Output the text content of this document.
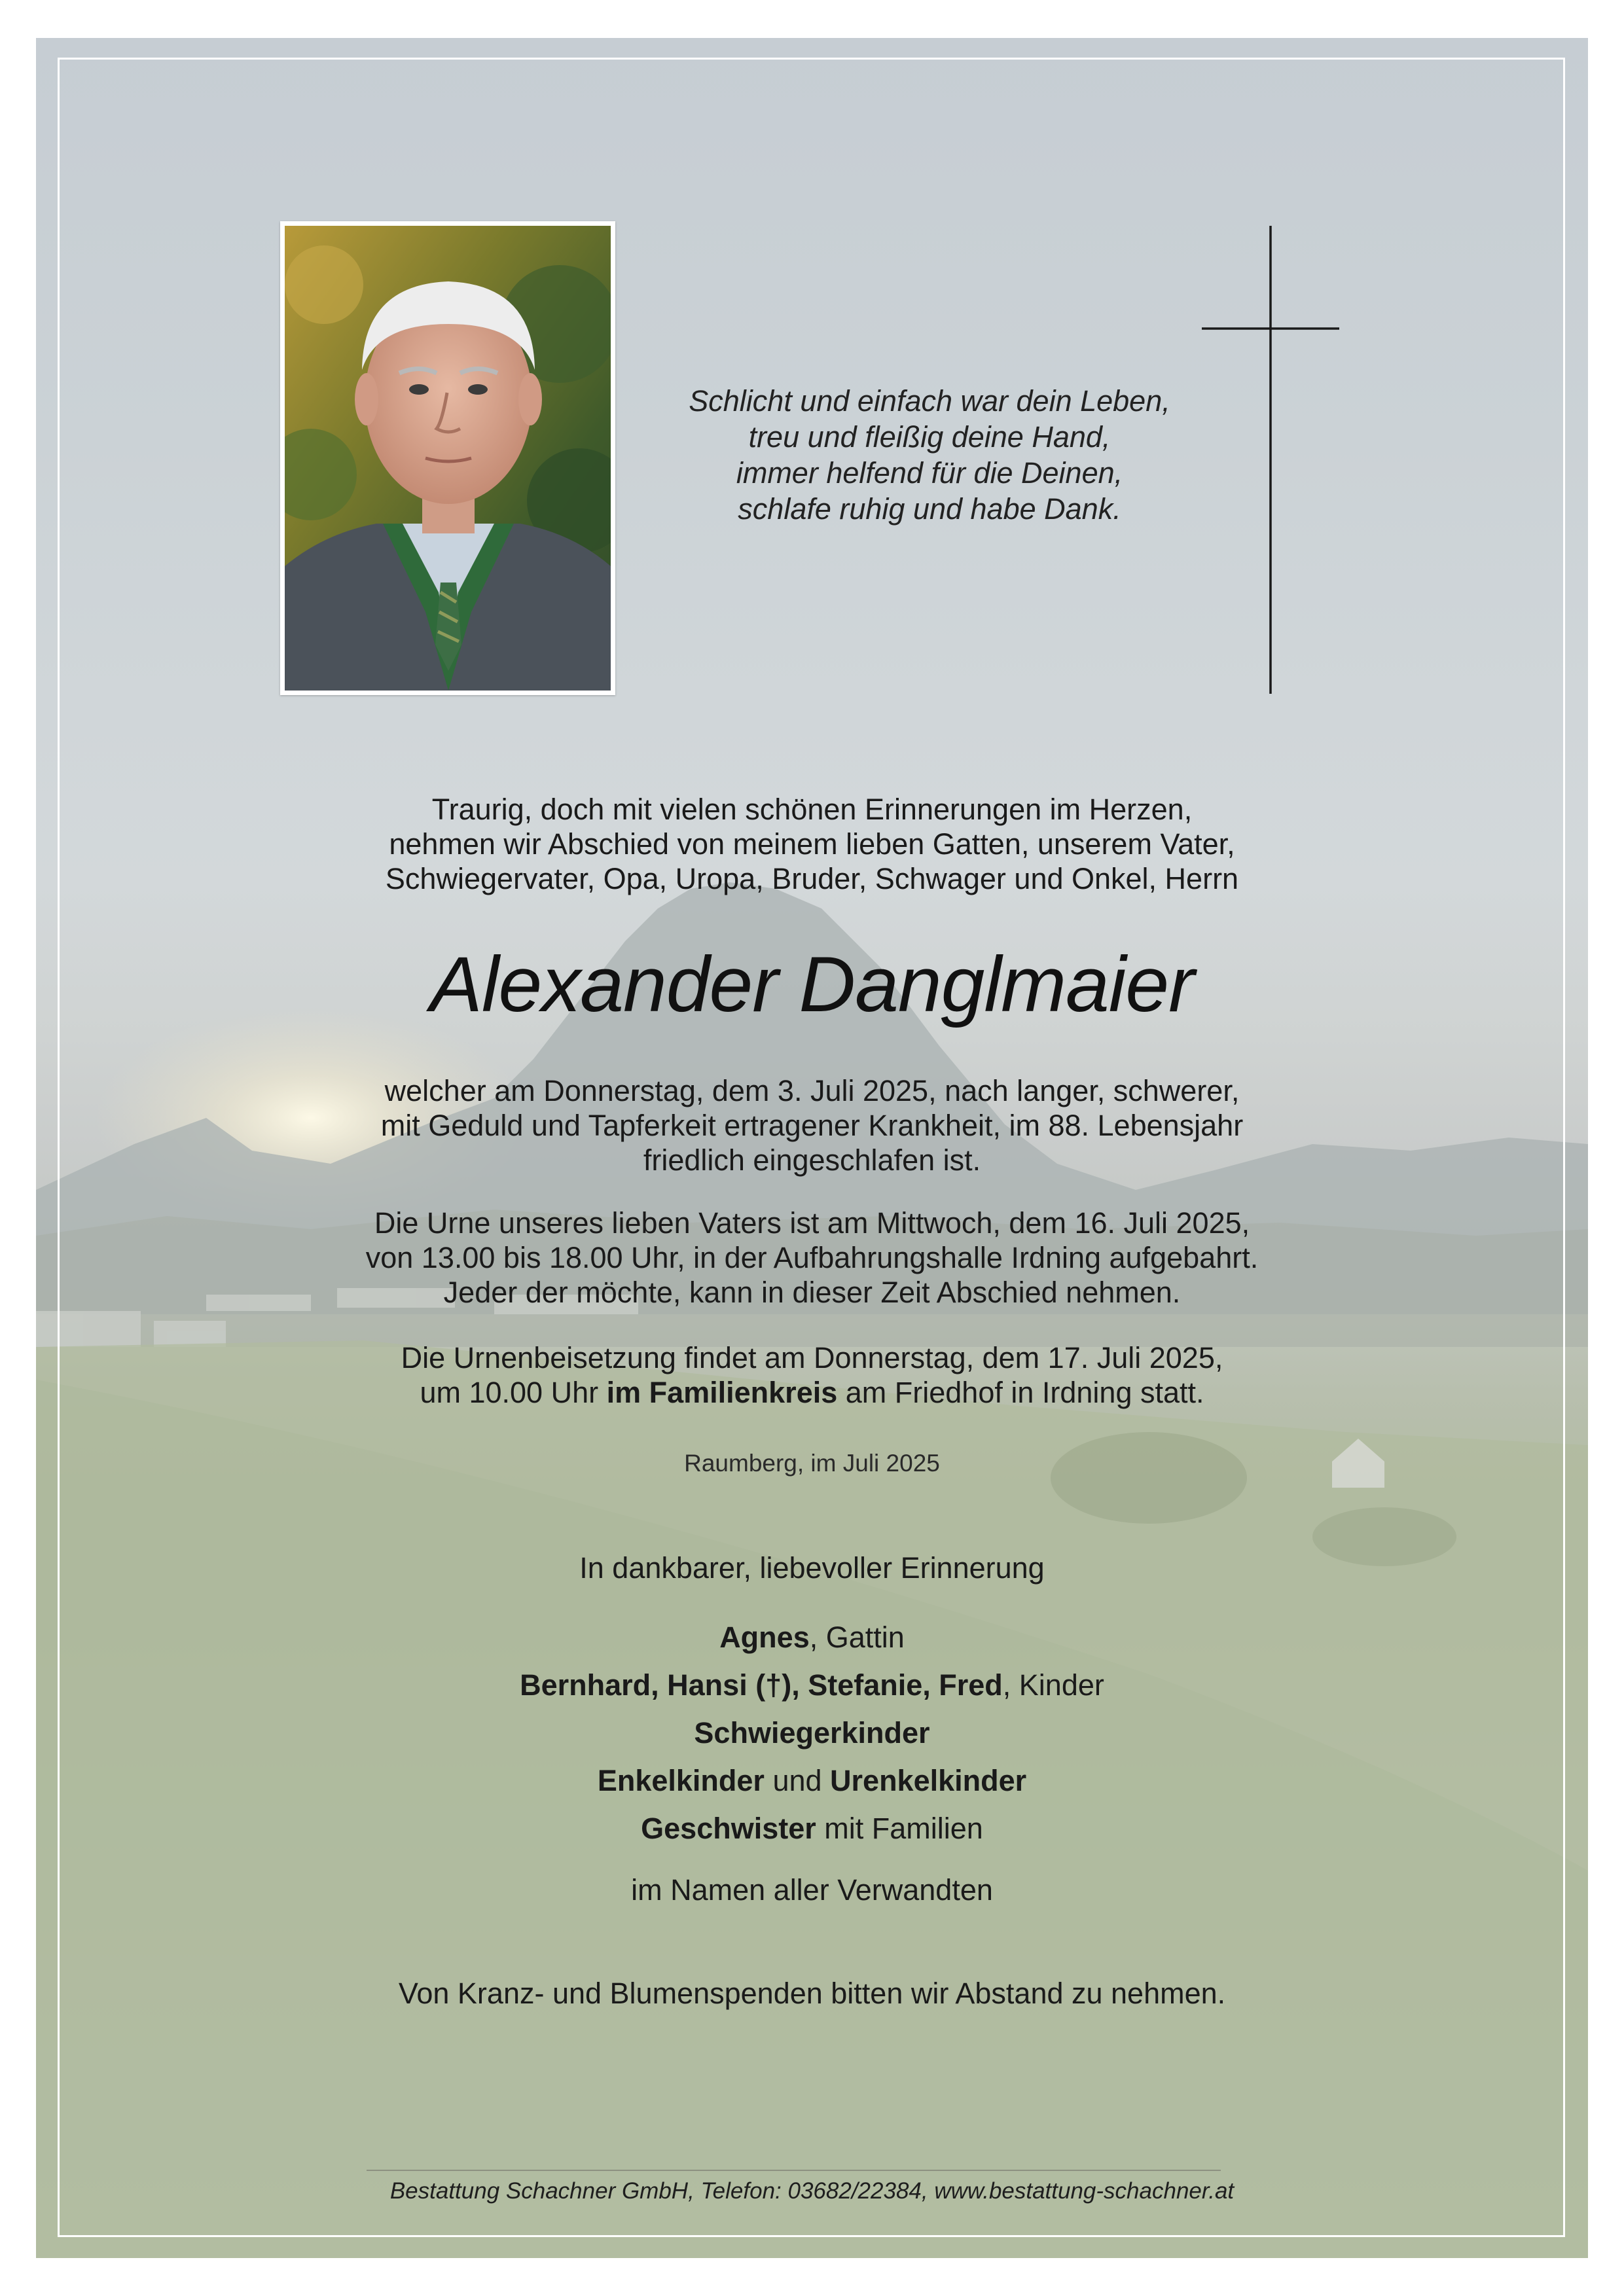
Schlicht und einfach war dein Leben,
treu und fleißig deine Hand,
immer helfend für die Deinen,
schlafe ruhig und habe Dank.
Traurig, doch mit vielen schönen Erinnerungen im Herzen,
nehmen wir Abschied von meinem lieben Gatten, unserem Vater,
Schwiegervater, Opa, Uropa, Bruder, Schwager und Onkel, Herrn
Alexander Danglmaier
welcher am Donnerstag, dem 3. Juli 2025, nach langer, schwerer,
mit Geduld und Tapferkeit ertragener Krankheit, im 88. Lebensjahr
friedlich eingeschlafen ist.
Die Urne unseres lieben Vaters ist am Mittwoch, dem 16. Juli 2025,
von 13.00 bis 18.00 Uhr, in der Aufbahrungshalle Irdning aufgebahrt.
Jeder der möchte, kann in dieser Zeit Abschied nehmen.
Die Urnenbeisetzung findet am Donnerstag, dem 17. Juli 2025,
um 10.00 Uhr im Familienkreis am Friedhof in Irdning statt.
Raumberg, im Juli 2025
In dankbarer, liebevoller Erinnerung
Agnes, Gattin
Bernhard, Hansi (†), Stefanie, Fred, Kinder
Schwiegerkinder
Enkelkinder und Urenkelkinder
Geschwister mit Familien
im Namen aller Verwandten
Von Kranz- und Blumenspenden bitten wir Abstand zu nehmen.
Bestattung Schachner GmbH, Telefon: 03682/22384, www.bestattung-schachner.at
